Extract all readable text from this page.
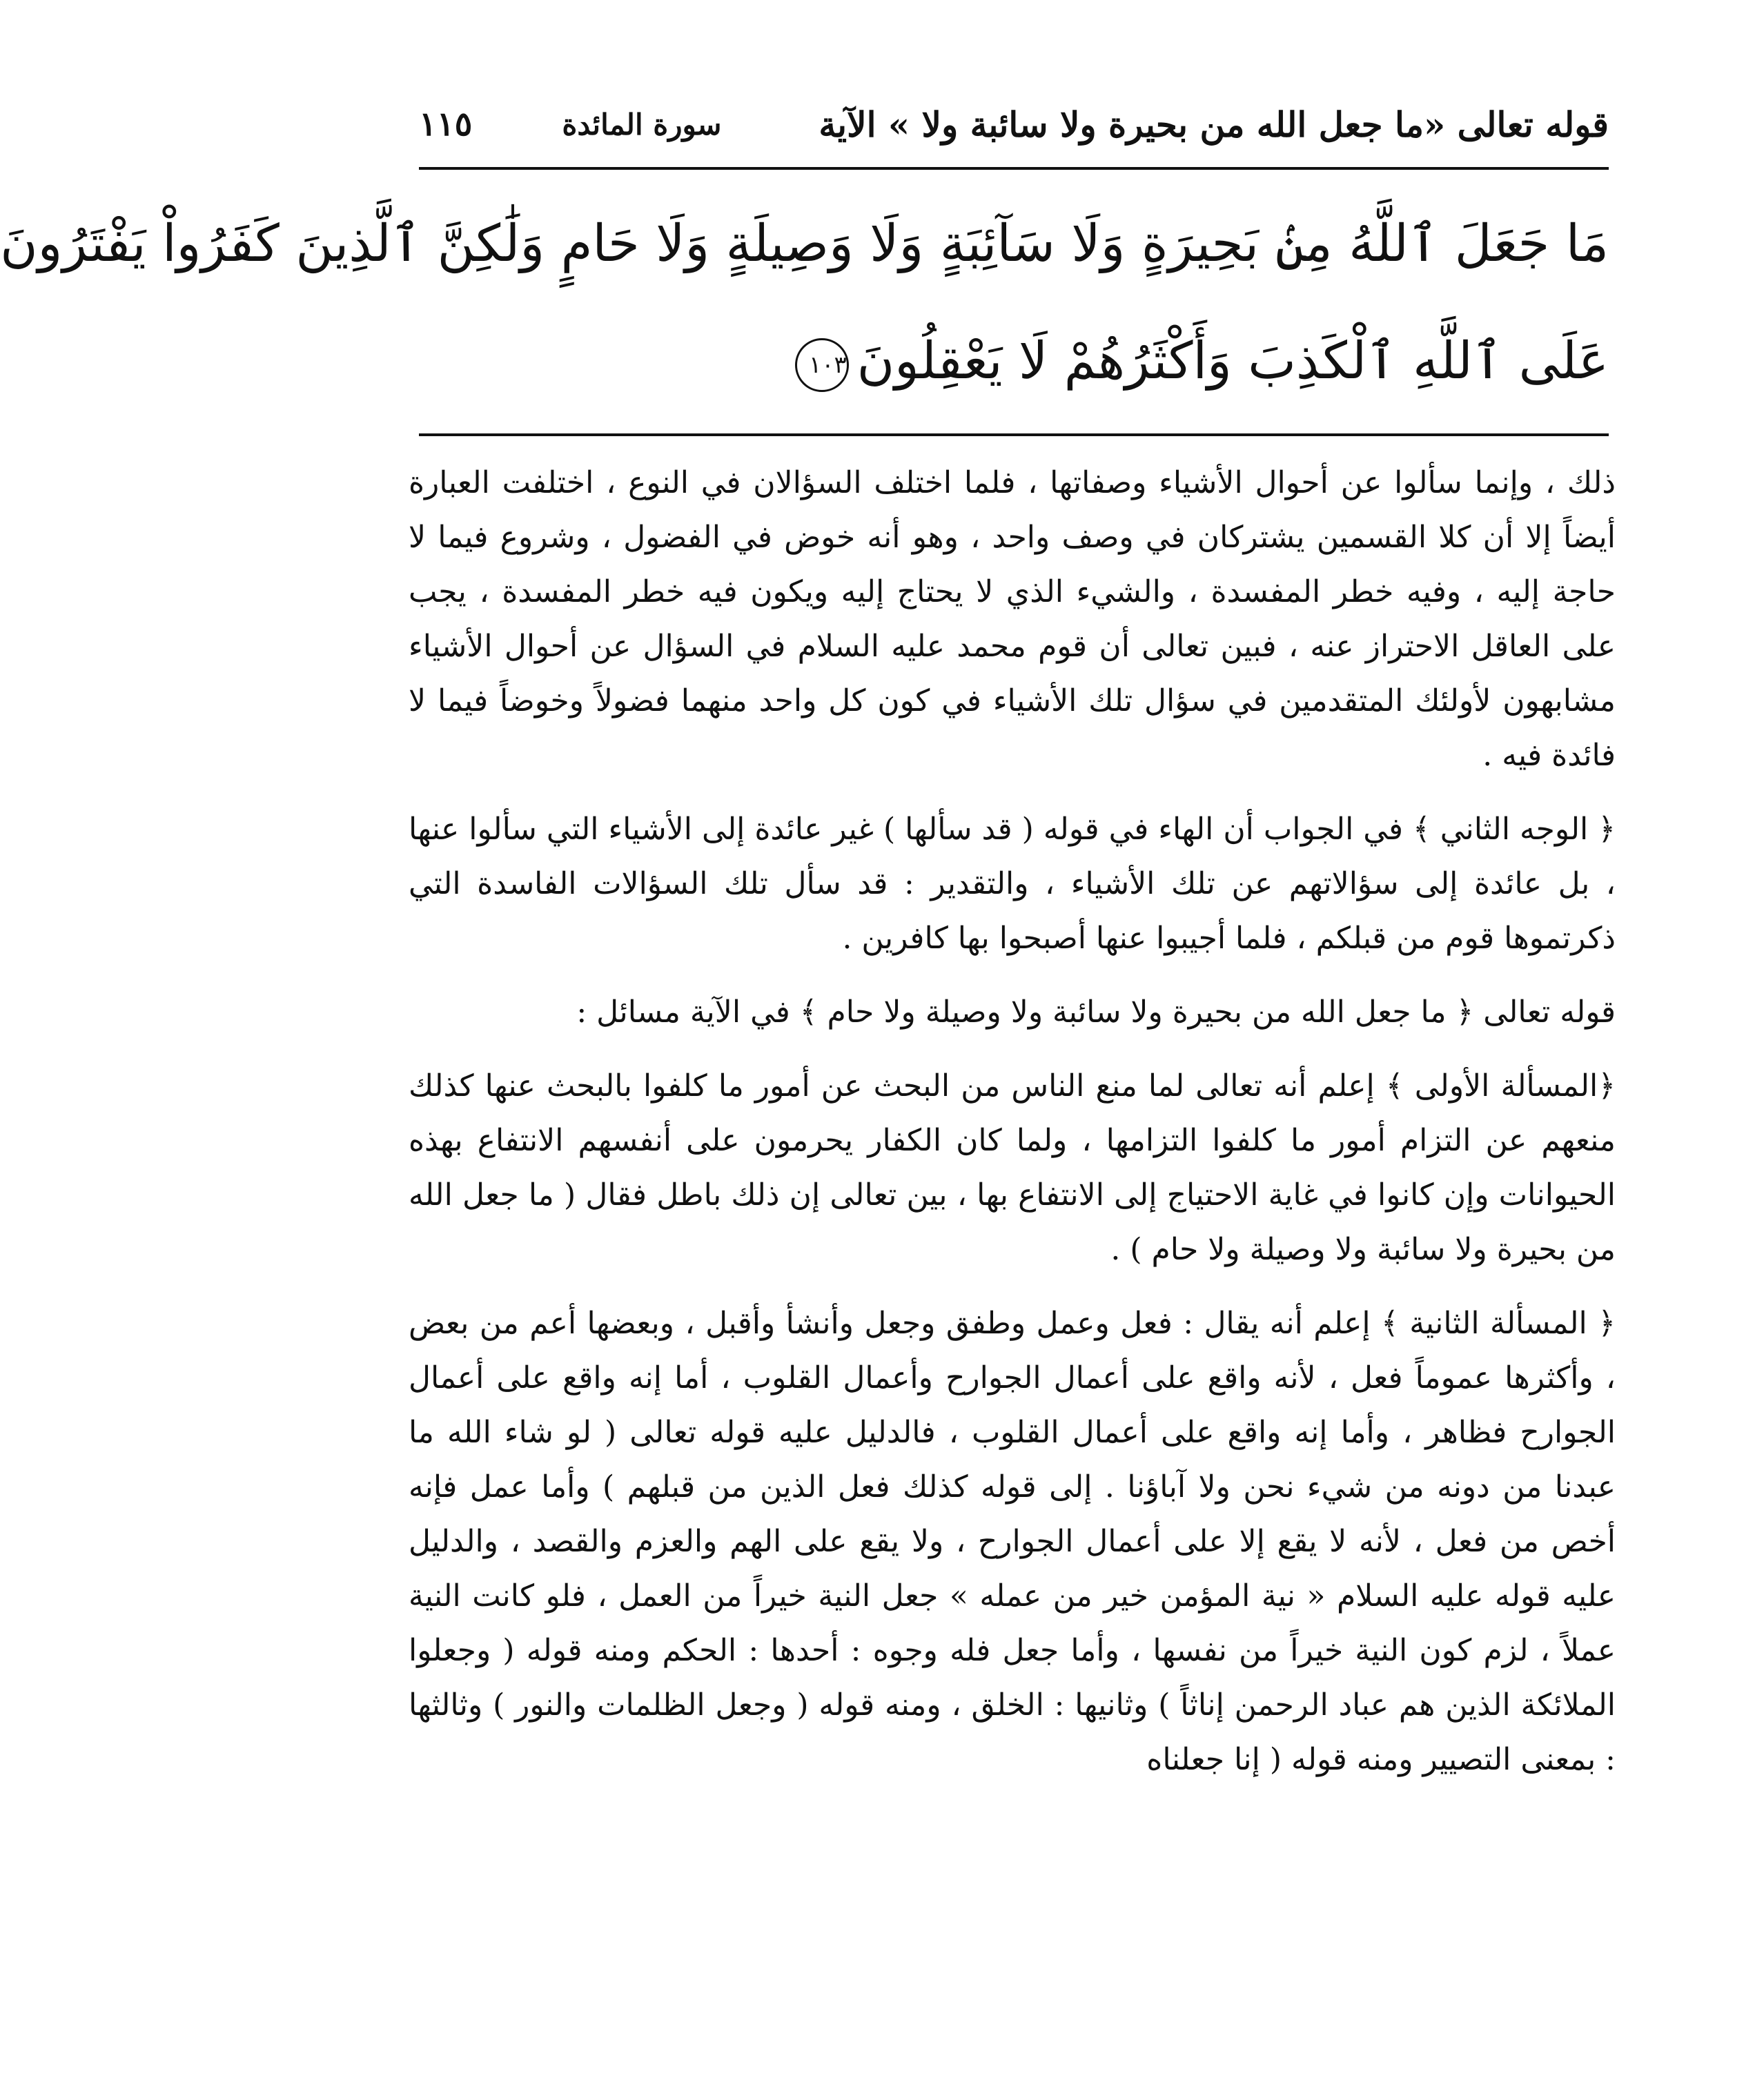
قوله تعالى «ما جعل الله من بحيرة ولا سائبة ولا » الآية
سورة المائدة
١١٥
مَا جَعَلَ ٱللَّهُ مِنۢ بَحِيرَةٍ وَلَا سَآئِبَةٍ وَلَا وَصِيلَةٍ وَلَا حَامٍ وَلَٰكِنَّ ٱلَّذِينَ كَفَرُواْ يَفْتَرُونَ
عَلَى ٱللَّهِ ٱلْكَذِبَ وَأَكْثَرُهُمْ لَا يَعْقِلُونَ١٠٣

ذلك ، وإنما سألوا عن أحوال الأشياء وصفاتها ، فلما اختلف السؤالان في النوع ، اختلفت العبارة أيضاً إلا أن كلا القسمين يشتركان في وصف واحد ، وهو أنه خوض في الفضول ، وشروع فيما لا حاجة إليه ، وفيه خطر المفسدة ، والشيء الذي لا يحتاج إليه ويكون فيه خطر المفسدة ، يجب على العاقل الاحتراز عنه ، فبين تعالى أن قوم محمد عليه السلام في السؤال عن أحوال الأشياء مشابهون لأولئك المتقدمين في سؤال تلك الأشياء في كون كل واحد منهما فضولاً وخوضاً فيما لا فائدة فيه .

﴿ الوجه الثاني ﴾ في الجواب أن الهاء في قوله ( قد سألها ) غير عائدة إلى الأشياء التي سألوا عنها ، بل عائدة إلى سؤالاتهم عن تلك الأشياء ، والتقدير : قد سأل تلك السؤالات الفاسدة التي ذكرتموها قوم من قبلكم ، فلما أجيبوا عنها أصبحوا بها كافرين .

قوله تعالى ﴿ ما جعل الله من بحيرة ولا سائبة ولا وصيلة ولا حام ﴾ في الآية مسائل :

﴿المسألة الأولى ﴾ إعلم أنه تعالى لما منع الناس من البحث عن أمور ما كلفوا بالبحث عنها كذلك منعهم عن التزام أمور ما كلفوا التزامها ، ولما كان الكفار يحرمون على أنفسهم الانتفاع بهذه الحيوانات وإن كانوا في غاية الاحتياج إلى الانتفاع بها ، بين تعالى إن ذلك باطل فقال ( ما جعل الله من بحيرة ولا سائبة ولا وصيلة ولا حام ) .

﴿ المسألة الثانية ﴾ إعلم أنه يقال : فعل وعمل وطفق وجعل وأنشأ وأقبل ، وبعضها أعم من بعض ، وأكثرها عموماً فعل ، لأنه واقع على أعمال الجوارح وأعمال القلوب ، أما إنه واقع على أعمال الجوارح فظاهر ، وأما إنه واقع على أعمال القلوب ، فالدليل عليه قوله تعالى ( لو شاء الله ما عبدنا من دونه من شيء نحن ولا آباؤنا . إلى قوله كذلك فعل الذين من قبلهم ) وأما عمل فإنه أخص من فعل ، لأنه لا يقع إلا على أعمال الجوارح ، ولا يقع على الهم والعزم والقصد ، والدليل عليه قوله عليه السلام « نية المؤمن خير من عمله » جعل النية خيراً من العمل ، فلو كانت النية عملاً ، لزم كون النية خيراً من نفسها ، وأما جعل فله وجوه : أحدها : الحكم ومنه قوله ( وجعلوا الملائكة الذين هم عباد الرحمن إناثاً ) وثانيها : الخلق ، ومنه قوله ( وجعل الظلمات والنور ) وثالثها : بمعنى التصيير ومنه قوله ( إنا جعلناه
